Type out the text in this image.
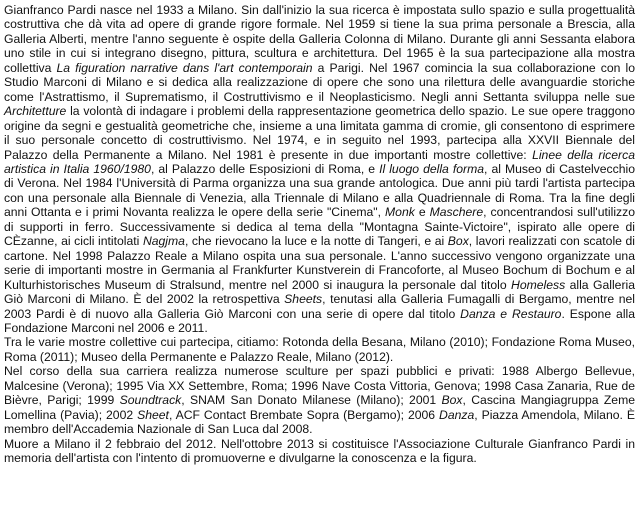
Gianfranco Pardi nasce nel 1933 a Milano. Sin dall'inizio la sua ricerca è impostata sullo spazio e sulla progettualità costruttiva che dà vita ad opere di grande rigore formale. Nel 1959 si tiene la sua prima personale a Brescia, alla Galleria Alberti, mentre l'anno seguente è ospite della Galleria Colonna di Milano. Durante gli anni Sessanta elabora uno stile in cui si integrano disegno, pittura, scultura e architettura. Del 1965 è la sua partecipazione alla mostra collettiva La figuration narrative dans l'art contemporain a Parigi. Nel 1967 comincia la sua collaborazione con lo Studio Marconi di Milano e si dedica alla realizzazione di opere che sono una rilettura delle avanguardie storiche come l'Astrattismo, il Suprematismo, il Costruttivismo e il Neoplasticismo. Negli anni Settanta sviluppa nelle sue Architetture la volontà di indagare i problemi della rappresentazione geometrica dello spazio. Le sue opere traggono origine da segni e gestualità geometriche che, insieme a una limitata gamma di cromie, gli consentono di esprimere il suo personale concetto di costruttivismo. Nel 1974, e in seguito nel 1993, partecipa alla XXVII Biennale del Palazzo della Permanente a Milano. Nel 1981 è presente in due importanti mostre collettive: Linee della ricerca artistica in Italia 1960/1980, al Palazzo delle Esposizioni di Roma, e Il luogo della forma, al Museo di Castelvecchio di Verona. Nel 1984 l'Università di Parma organizza una sua grande antologica. Due anni più tardi l'artista partecipa con una personale alla Biennale di Venezia, alla Triennale di Milano e alla Quadriennale di Roma. Tra la fine degli anni Ottanta e i primi Novanta realizza le opere della serie "Cinema", Monk e Maschere, concentrandosi sull'utilizzo di supporti in ferro. Successivamente si dedica al tema della "Montagna Sainte-Victoire", ispirato alle opere di CÈzanne, ai cicli intitolati Nagjma, che rievocano la luce e la notte di Tangeri, e ai Box, lavori realizzati con scatole di cartone. Nel 1998 Palazzo Reale a Milano ospita una sua personale. L'anno successivo vengono organizzate una serie di importanti mostre in Germania al Frankfurter Kunstverein di Francoforte, al Museo Bochum di Bochum e al Kulturhistorisches Museum di Stralsund, mentre nel 2000 si inaugura la personale dal titolo Homeless alla Galleria Giò Marconi di Milano. È del 2002 la retrospettiva Sheets, tenutasi alla Galleria Fumagalli di Bergamo, mentre nel 2003 Pardi è di nuovo alla Galleria Giò Marconi con una serie di opere dal titolo Danza e Restauro. Espone alla Fondazione Marconi nel 2006 e 2011.

Tra le varie mostre collettive cui partecipa, citiamo: Rotonda della Besana, Milano (2010); Fondazione Roma Museo, Roma (2011); Museo della Permanente e Palazzo Reale, Milano (2012).

Nel corso della sua carriera realizza numerose sculture per spazi pubblici e privati: 1988 Albergo Bellevue, Malcesine (Verona); 1995 Via XX Settembre, Roma; 1996 Nave Costa Vittoria, Genova; 1998 Casa Zanaria, Rue de Bièvre, Parigi; 1999 Soundtrack, SNAM San Donato Milanese (Milano); 2001 Box, Cascina Mangiagruppa Zeme Lomellina (Pavia); 2002 Sheet, ACF Contact Brembate Sopra (Bergamo); 2006 Danza, Piazza Amendola, Milano. È membro dell'Accademia Nazionale di San Luca dal 2008.

Muore a Milano il 2 febbraio del 2012. Nell'ottobre 2013 si costituisce l'Associazione Culturale Gianfranco Pardi in memoria dell'artista con l'intento di promuoverne e divulgarne la conoscenza e la figura.
